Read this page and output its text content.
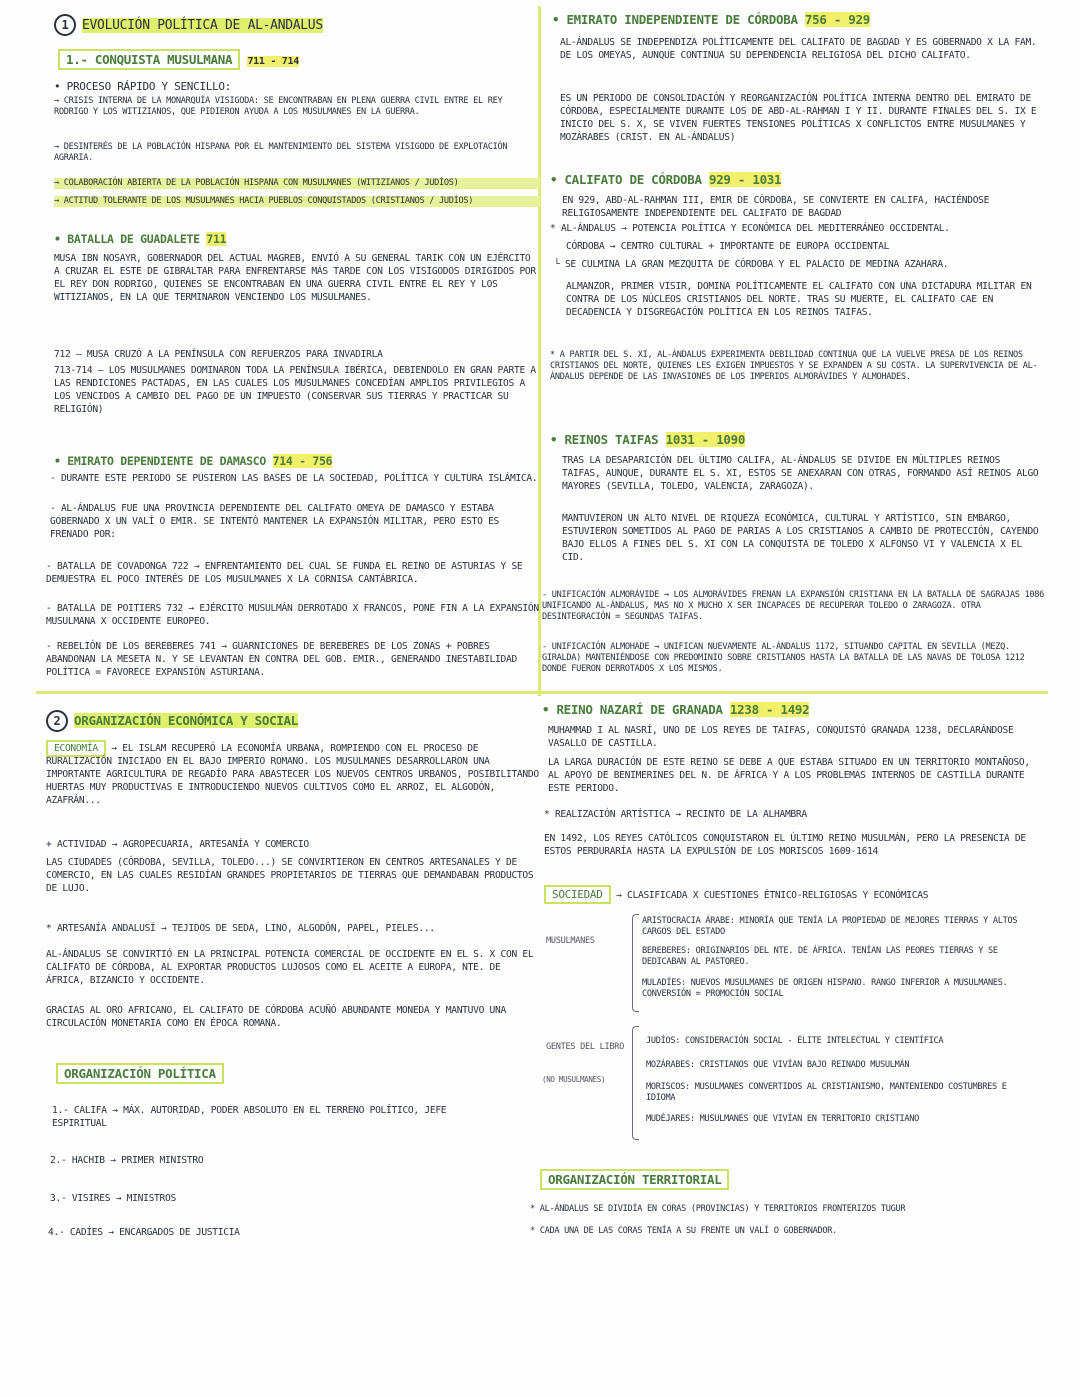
1 EVOLUCIÓN POLÍTICA DE AL-ANDALUS
1.- CONQUISTA MUSULMANA 711 - 714
• PROCESO RÁPIDO Y SENCILLO:
→ CRISIS INTERNA DE LA MONARQUÍA VISIGODA: SE ENCONTRABAN EN PLENA GUERRA CIVIL ENTRE EL REY RODRIGO Y LOS WITIZIANOS, QUE PIDIERON AYUDA A LOS MUSULMANES EN LA GUERRA.
→ DESINTERÉS DE LA POBLACIÓN HISPANA POR EL MANTENIMIENTO DEL SISTEMA VISIGODO DE EXPLOTACIÓN AGRARIA.
→ COLABORACIÓN ABIERTA DE LA POBLACIÓN HISPANA CON MUSULMANES (WITIZIANOS / JUDÍOS)
→ ACTITUD TOLERANTE DE LOS MUSULMANES HACIA PUEBLOS CONQUISTADOS (CRISTIANOS / JUDÍOS)
• BATALLA DE GUADALETE 711
MUSA IBN NOSAYR, GOBERNADOR DEL ACTUAL MAGREB, ENVIÓ A SU GENERAL TARIK CON UN EJÉRCITO A CRUZAR EL ESTE DE GIBRALTAR PARA ENFRENTARSE MÁS TARDE CON LOS VISIGODOS DIRIGIDOS POR EL REY DON RODRIGO, QUIENES SE ENCONTRABAN EN UNA GUERRA CIVIL ENTRE EL REY Y LOS WITIZIANOS, EN LA QUE TERMINARON VENCIENDO LOS MUSULMANES.
712 — MUSA CRUZÓ A LA PENÍNSULA CON REFUERZOS PARA INVADIRLA
713-714 — LOS MUSULMANES DOMINARON TODA LA PENÍNSULA IBÉRICA, DEBIENDOLO EN GRAN PARTE A LAS RENDICIONES PACTADAS, EN LAS CUALES LOS MUSULMANES CONCEDÍAN AMPLIOS PRIVILEGIOS A LOS VENCIDOS A CAMBIO DEL PAGO DE UN IMPUESTO (CONSERVAR SUS TIERRAS Y PRACTICAR SU RELIGIÓN)
• EMIRATO DEPENDIENTE DE DAMASCO 714 - 756
- DURANTE ESTE PERIODO SE PUSIERON LAS BASES DE LA SOCIEDAD, POLÍTICA Y CULTURA ISLÁMICA.
- AL-ÁNDALUS FUE UNA PROVINCIA DEPENDIENTE DEL CALIFATO OMEYA DE DAMASCO Y ESTABA GOBERNADO X UN VALÍ O EMIR. SE INTENTÓ MANTENER LA EXPANSIÓN MILITAR, PERO ESTO ES FRENADO POR:
- BATALLA DE COVADONGA 722 → ENFRENTAMIENTO DEL CUAL SE FUNDA EL REINO DE ASTURIAS Y SE DEMUESTRA EL POCO INTERÉS DE LOS MUSULMANES X LA CORNISA CANTÁBRICA.
- BATALLA DE POITIERS 732 → EJÉRCITO MUSULMÁN DERROTADO X FRANCOS, PONE FIN A LA EXPANSIÓN MUSULMANA X OCCIDENTE EUROPEO.
- REBELIÓN DE LOS BEREBERES 741 → GUARNICIONES DE BEREBERES DE LOS ZONAS + POBRES ABANDONAN LA MESETA N. Y SE LEVANTAN EN CONTRA DEL GOB. EMIR., GENERANDO INESTABILIDAD POLÍTICA = FAVORECE EXPANSIÓN ASTURIANA.
2 ORGANIZACIÓN ECONÓMICA Y SOCIAL
ECONOMÍA → EL ISLAM RECUPERÓ LA ECONOMÍA URBANA, ROMPIENDO CON EL PROCESO DE RURALIZACIÓN INICIADO EN EL BAJO IMPERIO ROMANO. LOS MUSULMANES DESARROLLARON UNA IMPORTANTE AGRICULTURA DE REGADÍO PARA ABASTECER LOS NUEVOS CENTROS URBANOS, POSIBILITANDO HUERTAS MUY PRODUCTIVAS E INTRODUCIENDO NUEVOS CULTIVOS COMO EL ARROZ, EL ALGODÓN, AZAFRÁN...
+ ACTIVIDAD → AGROPECUARIA, ARTESANÍA Y COMERCIO
LAS CIUDADES (CÓRDOBA, SEVILLA, TOLEDO...) SE CONVIRTIERON EN CENTROS ARTESANALES Y DE COMERCIO, EN LAS CUALES RESIDÍAN GRANDES PROPIETARIOS DE TIERRAS QUE DEMANDABAN PRODUCTOS DE LUJO.
* ARTESANÍA ANDALUSÍ → TEJIDOS DE SEDA, LINO, ALGODÓN, PAPEL, PIELES...
AL-ÁNDALUS SE CONVIRTIÓ EN LA PRINCIPAL POTENCIA COMERCIAL DE OCCIDENTE EN EL S. X CON EL CALIFATO DE CÓRDOBA, AL EXPORTAR PRODUCTOS LUJOSOS COMO EL ACEITE A EUROPA, NTE. DE ÁFRICA, BIZANCIO Y OCCIDENTE.
GRACIAS AL ORO AFRICANO, EL CALIFATO DE CÓRDOBA ACUÑÓ ABUNDANTE MONEDA Y MANTUVO UNA CIRCULACIÓN MONETARIA COMO EN ÉPOCA ROMANA.
ORGANIZACIÓN POLÍTICA
1.- CALIFA → MÁX. AUTORIDAD, PODER ABSOLUTO EN EL TERRENO POLÍTICO, JEFE ESPIRITUAL
2.- HACHIB → PRIMER MINISTRO
3.- VISIRES → MINISTROS
4.- CADÍES → ENCARGADOS DE JUSTICIA
• EMIRATO INDEPENDIENTE DE CÓRDOBA 756 - 929
AL-ÁNDALUS SE INDEPENDIZA POLÍTICAMENTE DEL CALIFATO DE BAGDAD Y ES GOBERNADO X LA FAM. DE LOS OMEYAS, AUNQUE CONTINUA SU DEPENDENCIA RELIGIOSA DEL DICHO CALIFATO.
ES UN PERIODO DE CONSOLIDACIÓN Y REORGANIZACIÓN POLÍTICA INTERNA DENTRO DEL EMIRATO DE CÓRDOBA, ESPECIALMENTE DURANTE LOS DE ABD-AL-RAHMAN I Y II. DURANTE FINALES DEL S. IX E INICIO DEL S. X, SE VIVEN FUERTES TENSIONES POLÍTICAS X CONFLICTOS ENTRE MUSULMANES Y MOZÁRABES (CRIST. EN AL-ÁNDALUS)
• CALIFATO DE CÓRDOBA 929 - 1031
EN 929, ABD-AL-RAHMAN III, EMIR DE CÓRDOBA, SE CONVIERTE EN CALIFA, HACIÉNDOSE RELIGIOSAMENTE INDEPENDIENTE DEL CALIFATO DE BAGDAD
* AL-ÁNDALUS → POTENCIA POLÍTICA Y ECONÓMICA DEL MEDITERRÁNEO OCCIDENTAL.
CÓRDOBA → CENTRO CULTURAL + IMPORTANTE DE EUROPA OCCIDENTAL
└ SE CULMINA LA GRAN MEZQUITA DE CÓRDOBA Y EL PALACIO DE MEDINA AZAHARA.
ALMANZOR, PRIMER VISIR, DOMINA POLÍTICAMENTE EL CALIFATO CON UNA DICTADURA MILITAR EN CONTRA DE LOS NÚCLEOS CRISTIANOS DEL NORTE. TRAS SU MUERTE, EL CALIFATO CAE EN DECADENCIA Y DISGREGACIÓN POLÍTICA EN LOS REINOS TAIFAS.
* A PARTIR DEL S. XI, AL-ÁNDALUS EXPERIMENTA DEBILIDAD CONTINUA QUE LA VUELVE PRESA DE LOS REINOS CRISTIANOS DEL NORTE, QUIENES LES EXIGEN IMPUESTOS Y SE EXPANDEN A SU COSTA. LA SUPERVIVENCIA DE AL-ÁNDALUS DEPENDE DE LAS INVASIONES DE LOS IMPERIOS ALMORÁVIDES Y ALMOHADES.
• REINOS TAIFAS 1031 - 1090
TRAS LA DESAPARICIÓN DEL ÚLTIMO CALIFA, AL-ÁNDALUS SE DIVIDE EN MÚLTIPLES REINOS TAIFAS, AUNQUE, DURANTE EL S. XI, ESTOS SE ANEXARAN CON OTRAS, FORMANDO ASÍ REINOS ALGO MAYORES (SEVILLA, TOLEDO, VALENCIA, ZARAGOZA).
MANTUVIERON UN ALTO NIVEL DE RIQUEZA ECONÓMICA, CULTURAL Y ARTÍSTICO, SIN EMBARGO, ESTUVIERON SOMETIDOS AL PAGO DE PARIAS A LOS CRISTIANOS A CAMBIO DE PROTECCIÓN, CAYENDO BAJO ELLOS A FINES DEL S. XI CON LA CONQUISTA DE TOLEDO X ALFONSO VI Y VALENCIA X EL CID.
- UNIFICACIÓN ALMORÁVIDE → LOS ALMORÁVIDES FRENAN LA EXPANSIÓN CRISTIANA EN LA BATALLA DE SAGRAJAS 1086 UNIFICANDO AL-ÁNDALUS, MAS NO X MUCHO X SER INCAPACES DE RECUPERAR TOLEDO O ZARAGOZA. OTRA DESINTEGRACIÓN = SEGUNDAS TAIFAS.
- UNIFICACIÓN ALMOHADE → UNIFICAN NUEVAMENTE AL-ÁNDALUS 1172, SITUANDO CAPITAL EN SEVILLA (MEZQ. GIRALDA) MANTENIÉNDOSE CON PREDOMINIO SOBRE CRISTIANOS HASTA LA BATALLA DE LAS NAVAS DE TOLOSA 1212 DONDE FUERON DERROTADOS X LOS MISMOS.
• REINO NAZARÍ DE GRANADA 1238 - 1492
MUHAMMAD I AL NASRÍ, UNO DE LOS REYES DE TAIFAS, CONQUISTÓ GRANADA 1238, DECLARÁNDOSE VASALLO DE CASTILLA.
LA LARGA DURACIÓN DE ESTE REINO SE DEBE A QUE ESTABA SITUADO EN UN TERRITORIO MONTAÑOSO, AL APOYO DE BENIMERINES DEL N. DE ÁFRICA Y A LOS PROBLEMAS INTERNOS DE CASTILLA DURANTE ESTE PERIODO.
* REALIZACIÓN ARTÍSTICA → RECINTO DE LA ALHAMBRA
EN 1492, LOS REYES CATÓLICOS CONQUISTARON EL ÚLTIMO REINO MUSULMÁN, PERO LA PRESENCIA DE ESTOS PERDURARÍA HASTA LA EXPULSIÓN DE LOS MORISCOS 1609-1614
SOCIEDAD → CLASIFICADA X CUESTIONES ÉTNICO-RELIGIOSAS Y ECONÓMICAS
MUSULMANES
ARISTOCRACIA ÁRABE: MINORÍA QUE TENÍA LA PROPIEDAD DE MEJORES TIERRAS Y ALTOS CARGOS DEL ESTADO
BEREBERES: ORIGINARIOS DEL NTE. DE ÁFRICA. TENÍAN LAS PEORES TIERRAS Y SE DEDICABAN AL PASTOREO.
MULADÍES: NUEVOS MUSULMANES DE ORIGEN HISPANO. RANGO INFERIOR A MUSULMANES. CONVERSIÓN = PROMOCIÓN SOCIAL
GENTES DEL LIBRO
(NO MUSULMANES)
JUDÍOS: CONSIDERACIÓN SOCIAL - ÉLITE INTELECTUAL Y CIENTÍFICA
MOZÁRABES: CRISTIANOS QUE VIVÍAN BAJO REINADO MUSULMÁN
MORISCOS: MUSULMANES CONVERTIDOS AL CRISTIANISMO, MANTENIENDO COSTUMBRES E IDIOMA
MUDÉJARES: MUSULMANES QUE VIVÍAN EN TERRITORIO CRISTIANO
ORGANIZACIÓN TERRITORIAL
* AL-ÁNDALUS SE DIVIDÍA EN CORAS (PROVINCIAS) Y TERRITORIOS FRONTERIZOS TUGUR
* CADA UNA DE LAS CORAS TENÍA A SU FRENTE UN VALÍ O GOBERNADOR.
